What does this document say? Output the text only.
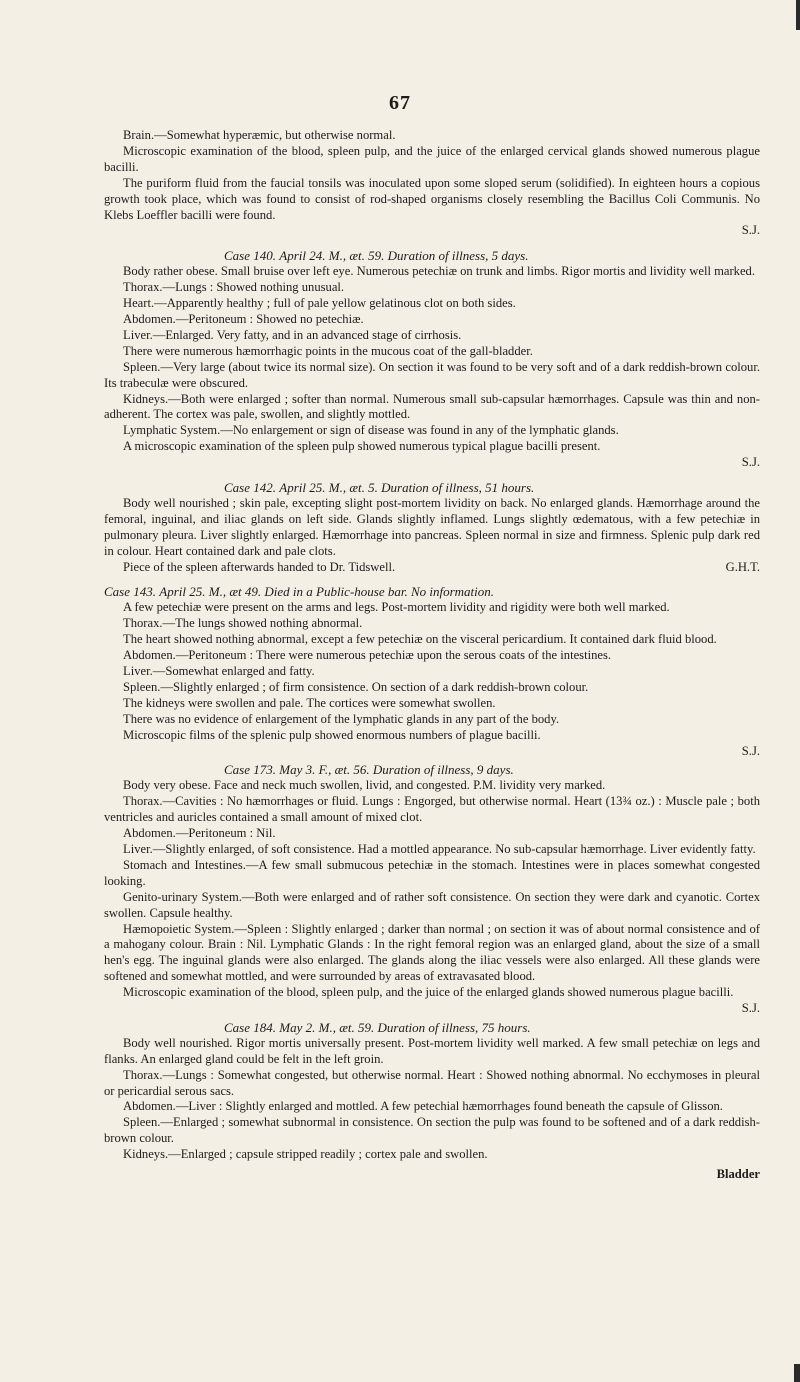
67

Brain.—Somewhat hyperæmic, but otherwise normal.

Microscopic examination of the blood, spleen pulp, and the juice of the enlarged cervical glands showed numerous plague bacilli.

The puriform fluid from the faucial tonsils was inoculated upon some sloped serum (solidified). In eighteen hours a copious growth took place, which was found to consist of rod-shaped organisms closely resembling the Bacillus Coli Communis. No Klebs Loeffler bacilli were found.

S.J.

Case 140. April 24. M., æt. 59. Duration of illness, 5 days.

Body rather obese. Small bruise over left eye. Numerous petechiæ on trunk and limbs. Rigor mortis and lividity well marked.

Thorax.—Lungs : Showed nothing unusual.

Heart.—Apparently healthy ; full of pale yellow gelatinous clot on both sides.

Abdomen.—Peritoneum : Showed no petechiæ.

Liver.—Enlarged. Very fatty, and in an advanced stage of cirrhosis.

There were numerous hæmorrhagic points in the mucous coat of the gall-bladder.

Spleen.—Very large (about twice its normal size). On section it was found to be very soft and of a dark reddish-brown colour. Its trabeculæ were obscured.

Kidneys.—Both were enlarged ; softer than normal. Numerous small sub-capsular hæmorrhages. Capsule was thin and non-adherent. The cortex was pale, swollen, and slightly mottled.

Lymphatic System.—No enlargement or sign of disease was found in any of the lymphatic glands.

A microscopic examination of the spleen pulp showed numerous typical plague bacilli present.

S.J.

Case 142. April 25. M., æt. 5. Duration of illness, 51 hours.

Body well nourished ; skin pale, excepting slight post-mortem lividity on back. No enlarged glands. Hæmorrhage around the femoral, inguinal, and iliac glands on left side. Glands slightly inflamed. Lungs slightly œdematous, with a few petechiæ in pulmonary pleura. Liver slightly enlarged. Hæmorrhage into pancreas. Spleen normal in size and firmness. Splenic pulp dark red in colour. Heart contained dark and pale clots.

Piece of the spleen afterwards handed to Dr. Tidswell.	G.H.T.

Case 143. April 25. M., æt 49. Died in a Public-house bar. No information.

A few petechiæ were present on the arms and legs. Post-mortem lividity and rigidity were both well marked.

Thorax.—The lungs showed nothing abnormal.

The heart showed nothing abnormal, except a few petechiæ on the visceral pericardium. It contained dark fluid blood.

Abdomen.—Peritoneum : There were numerous petechiæ upon the serous coats of the intestines.

Liver.—Somewhat enlarged and fatty.

Spleen.—Slightly enlarged ; of firm consistence. On section of a dark reddish-brown colour.

The kidneys were swollen and pale. The cortices were somewhat swollen.

There was no evidence of enlargement of the lymphatic glands in any part of the body.

Microscopic films of the splenic pulp showed enormous numbers of plague bacilli.

S.J.

Case 173. May 3. F., æt. 56. Duration of illness, 9 days.

Body very obese. Face and neck much swollen, livid, and congested. P.M. lividity very marked.

Thorax.—Cavities : No hæmorrhages or fluid. Lungs : Engorged, but otherwise normal. Heart (13¾ oz.) : Muscle pale ; both ventricles and auricles contained a small amount of mixed clot.

Abdomen.—Peritoneum : Nil.

Liver.—Slightly enlarged, of soft consistence. Had a mottled appearance. No sub-capsular hæmorrhage. Liver evidently fatty.

Stomach and Intestines.—A few small submucous petechiæ in the stomach. Intestines were in places somewhat congested looking.

Genito-urinary System.—Both were enlarged and of rather soft consistence. On section they were dark and cyanotic. Cortex swollen. Capsule healthy.

Hæmopoietic System.—Spleen : Slightly enlarged ; darker than normal ; on section it was of about normal consistence and of a mahogany colour. Brain : Nil. Lymphatic Glands : In the right femoral region was an enlarged gland, about the size of a small hen's egg. The inguinal glands were also enlarged. The glands along the iliac vessels were also enlarged. All these glands were softened and somewhat mottled, and were surrounded by areas of extravasated blood.

Microscopic examination of the blood, spleen pulp, and the juice of the enlarged glands showed numerous plague bacilli.

S.J.

Case 184. May 2. M., æt. 59. Duration of illness, 75 hours.

Body well nourished. Rigor mortis universally present. Post-mortem lividity well marked. A few small petechiæ on legs and flanks. An enlarged gland could be felt in the left groin.

Thorax.—Lungs : Somewhat congested, but otherwise normal. Heart : Showed nothing abnormal. No ecchymoses in pleural or pericardial serous sacs.

Abdomen.—Liver : Slightly enlarged and mottled. A few petechial hæmorrhages found beneath the capsule of Glisson.

Spleen.—Enlarged ; somewhat subnormal in consistence. On section the pulp was found to be softened and of a dark reddish-brown colour.

Kidneys.—Enlarged ; capsule stripped readily ; cortex pale and swollen.

Bladder
